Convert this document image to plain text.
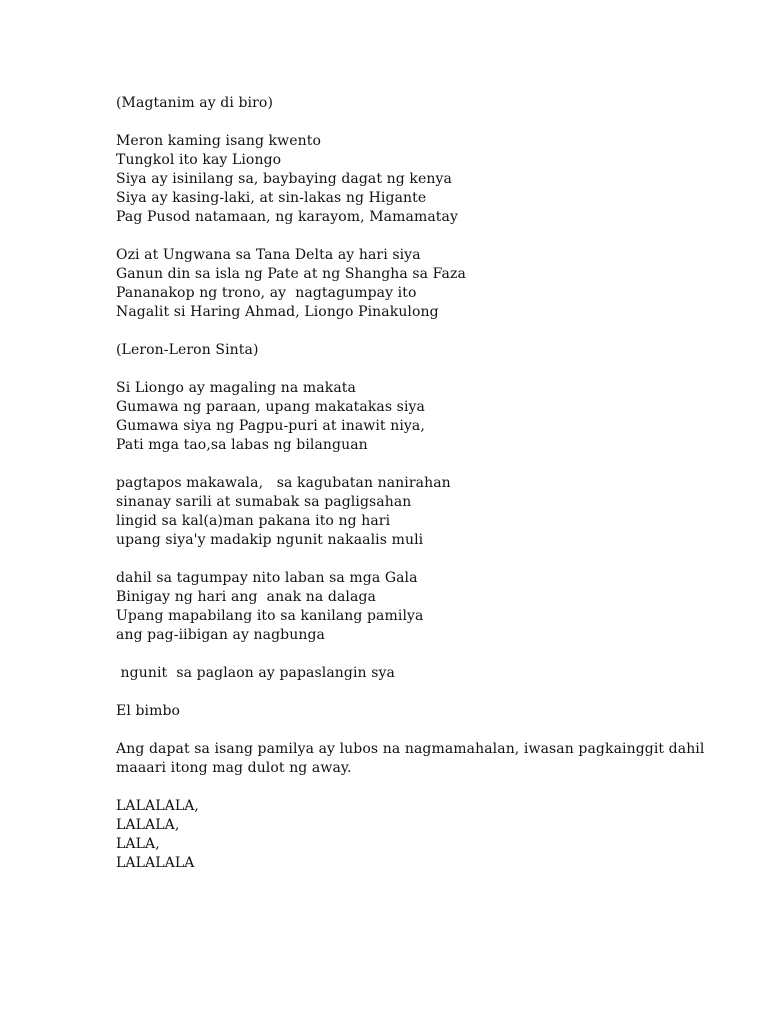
(Magtanim ay di biro)
Meron kaming isang kwento
Tungkol ito kay Liongo
Siya ay isinilang sa, baybaying dagat ng kenya
Siya ay kasing-laki, at sin-lakas ng Higante
Pag Pusod natamaan, ng karayom, Mamamatay
Ozi at Ungwana sa Tana Delta ay hari siya
Ganun din sa isla ng Pate at ng Shangha sa Faza
Pananakop ng trono, ay  nagtagumpay ito
Nagalit si Haring Ahmad, Liongo Pinakulong
(Leron-Leron Sinta)
Si Liongo ay magaling na makata
Gumawa ng paraan, upang makatakas siya
Gumawa siya ng Pagpu-puri at inawit niya,
Pati mga tao,sa labas ng bilanguan
pagtapos makawala,   sa kagubatan nanirahan
sinanay sarili at sumabak sa pagligsahan
lingid sa kal(a)man pakana ito ng hari
upang siya'y madakip ngunit nakaalis muli
dahil sa tagumpay nito laban sa mga Gala
Binigay ng hari ang  anak na dalaga
Upang mapabilang ito sa kanilang pamilya
ang pag-iibigan ay nagbunga
ngunit  sa paglaon ay papaslangin sya
El bimbo
Ang dapat sa isang pamilya ay lubos na nagmamahalan, iwasan pagkainggit dahil
maaari itong mag dulot ng away.
LALALALA,
LALALA,
LALA,
LALALALA
